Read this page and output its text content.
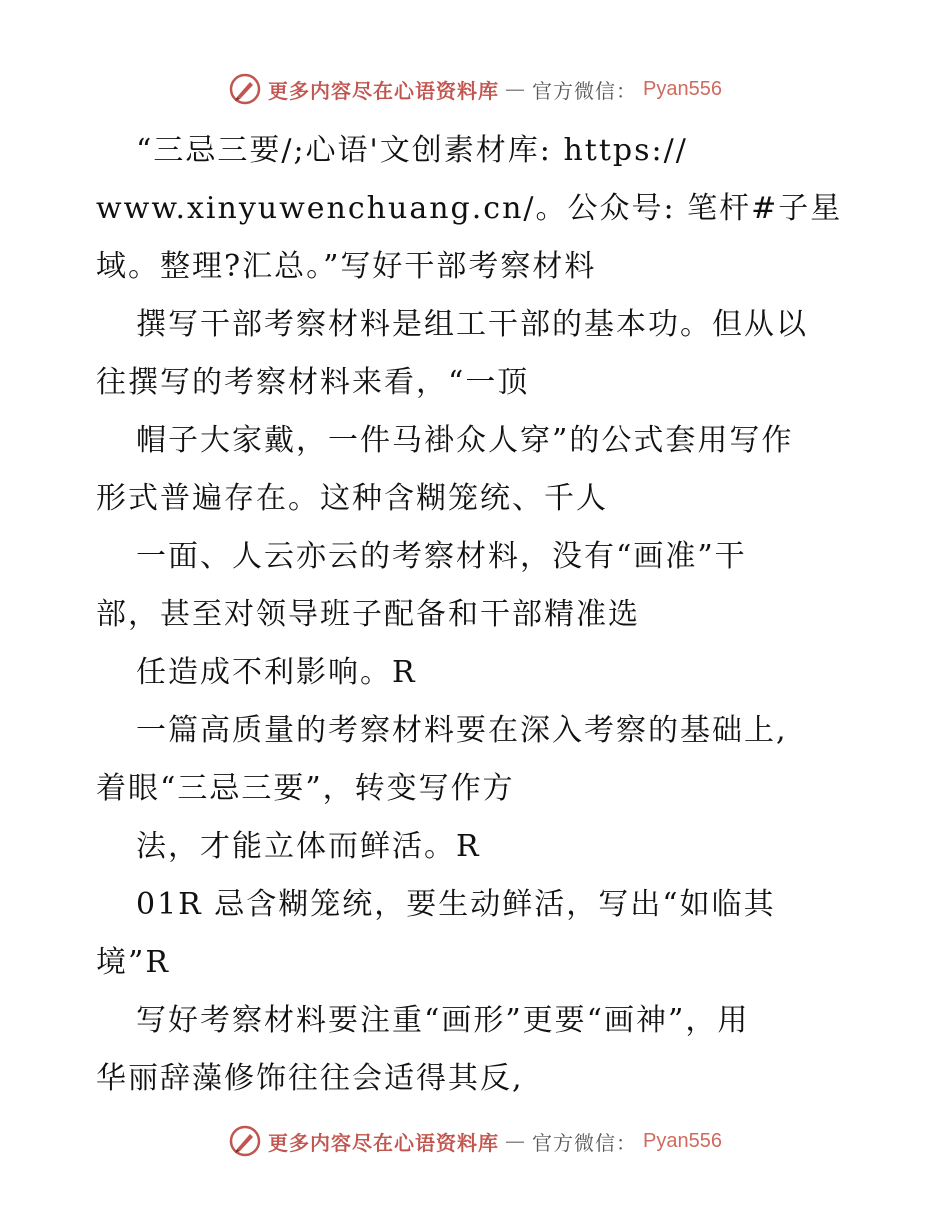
更多内容尽在心语资料库 — 官方微信： Pyan556
“三忌三要/;心语'文创素材库: https://
www.xinyuwenchuang.cn/。公众号: 笔杆#子星
域。整理?汇总。”写好干部考察材料
撰写干部考察材料是组工干部的基本功。但从以
往撰写的考察材料来看，“一顶
帽子大家戴，一件马褂众人穿”的公式套用写作
形式普遍存在。这种含糊笼统、千人
一面、人云亦云的考察材料，没有“画准”干
部，甚至对领导班子配备和干部精准选
任造成不利影响。R
一篇高质量的考察材料要在深入考察的基础上,
着眼“三忌三要”，转变写作方
法，才能立体而鲜活。R
01R 忌含糊笼统，要生动鲜活，写出“如临其
境”R
写好考察材料要注重“画形”更要“画神”，用
华丽辞藻修饰往往会适得其反,
更多内容尽在心语资料库 — 官方微信： Pyan556
